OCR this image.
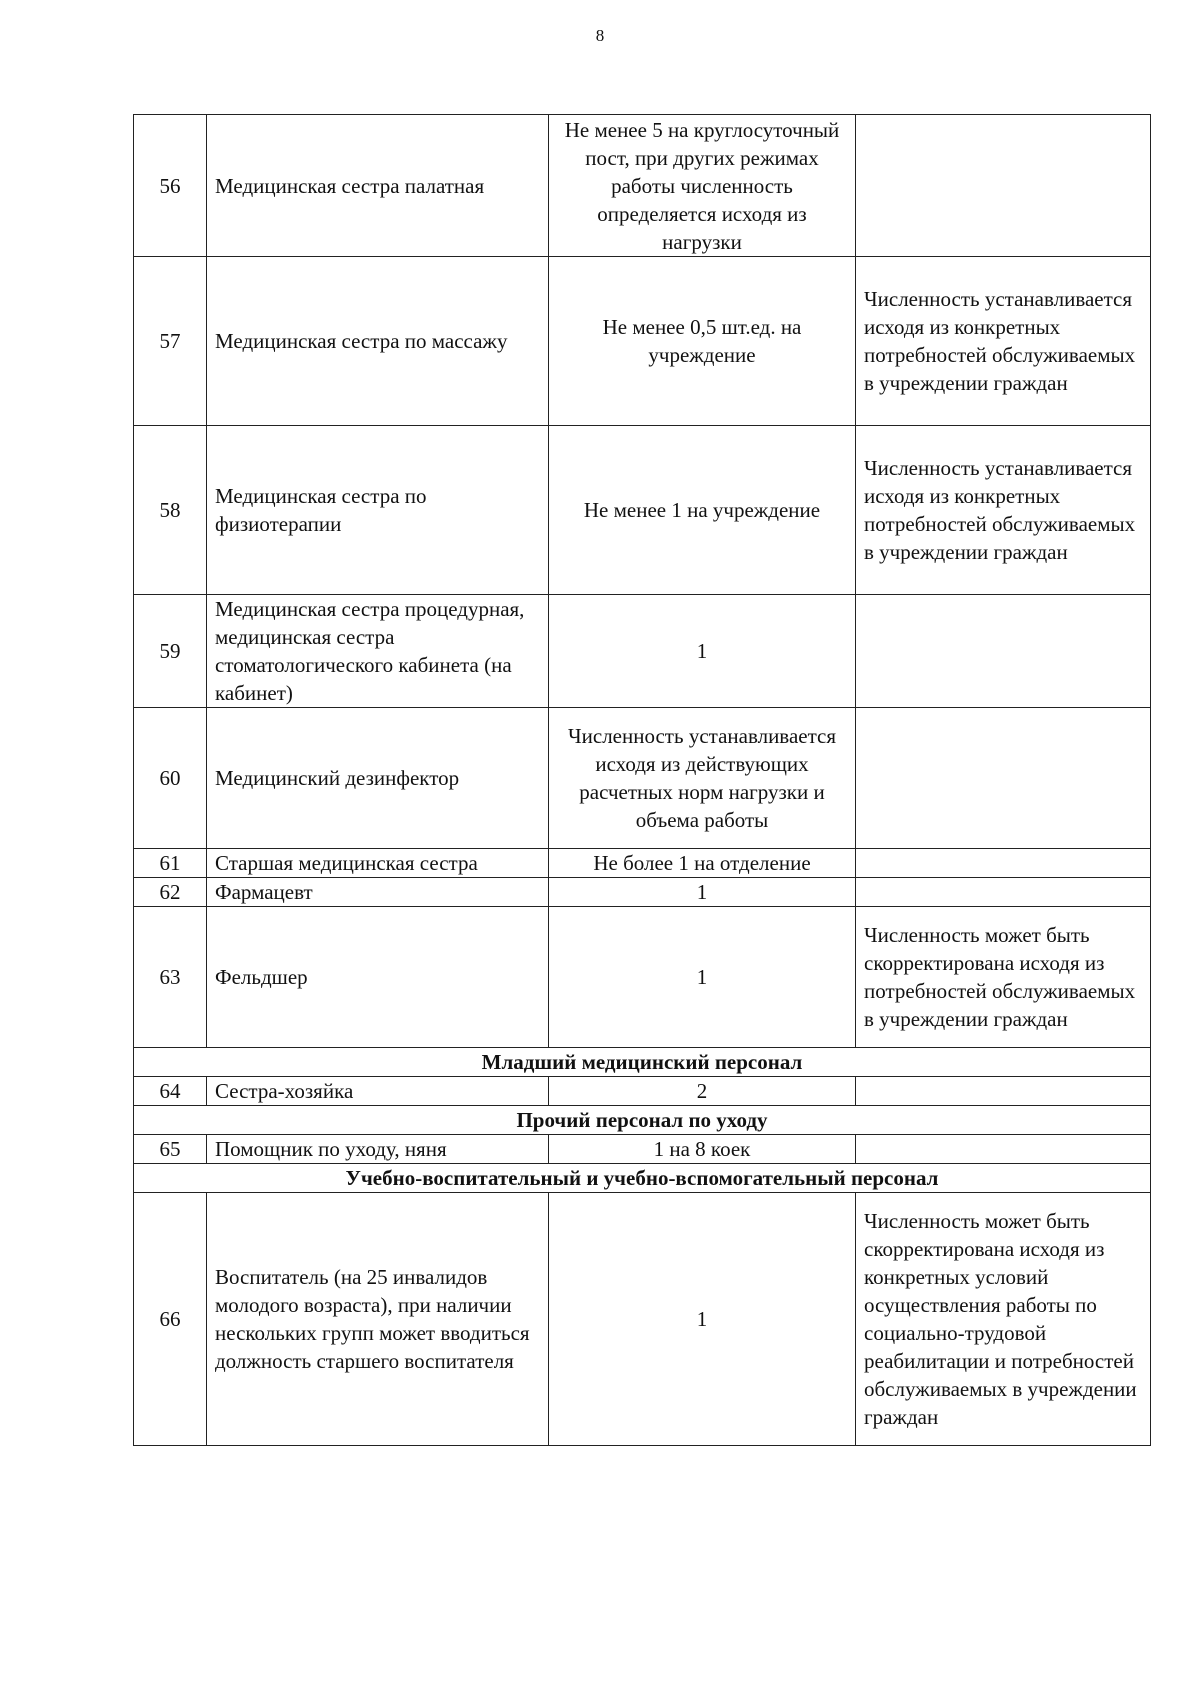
8
56	Медицинская сестра палатная	Не менее 5 на круглосуточный пост, при других режимах работы численность определяется исходя из нагрузки	
57	Медицинская сестра по массажу	Не менее 0,5 шт.ед. на учреждение	Численность устанавливается исходя из конкретных потребностей обслуживаемых в учреждении граждан
58	Медицинская сестра по физиотерапии	Не менее 1 на учреждение	Численность устанавливается исходя из конкретных потребностей обслуживаемых в учреждении граждан
59	Медицинская сестра процедурная, медицинская сестра стоматологического кабинета (на кабинет)	1	
60	Медицинский дезинфектор	Численность устанавливается исходя из действующих расчетных норм нагрузки и объема работы	
61	Старшая медицинская сестра	Не более 1 на отделение	
62	Фармацевт	1	
63	Фельдшер	1	Численность может быть скорректирована исходя из потребностей обслуживаемых в учреждении граждан
Младший медицинский персонал			
64	Сестра-хозяйка	2	
Прочий персонал по уходу			
65	Помощник по уходу, няня	1 на 8 коек	
Учебно-воспитательный и учебно-вспомогательный персонал			
66	Воспитатель (на 25 инвалидов молодого возраста), при наличии нескольких групп может вводиться должность старшего воспитателя	1	Численность может быть скорректирована исходя из конкретных условий осуществления работы по социально-трудовой реабилитации и потребностей обслуживаемых в учреждении граждан
